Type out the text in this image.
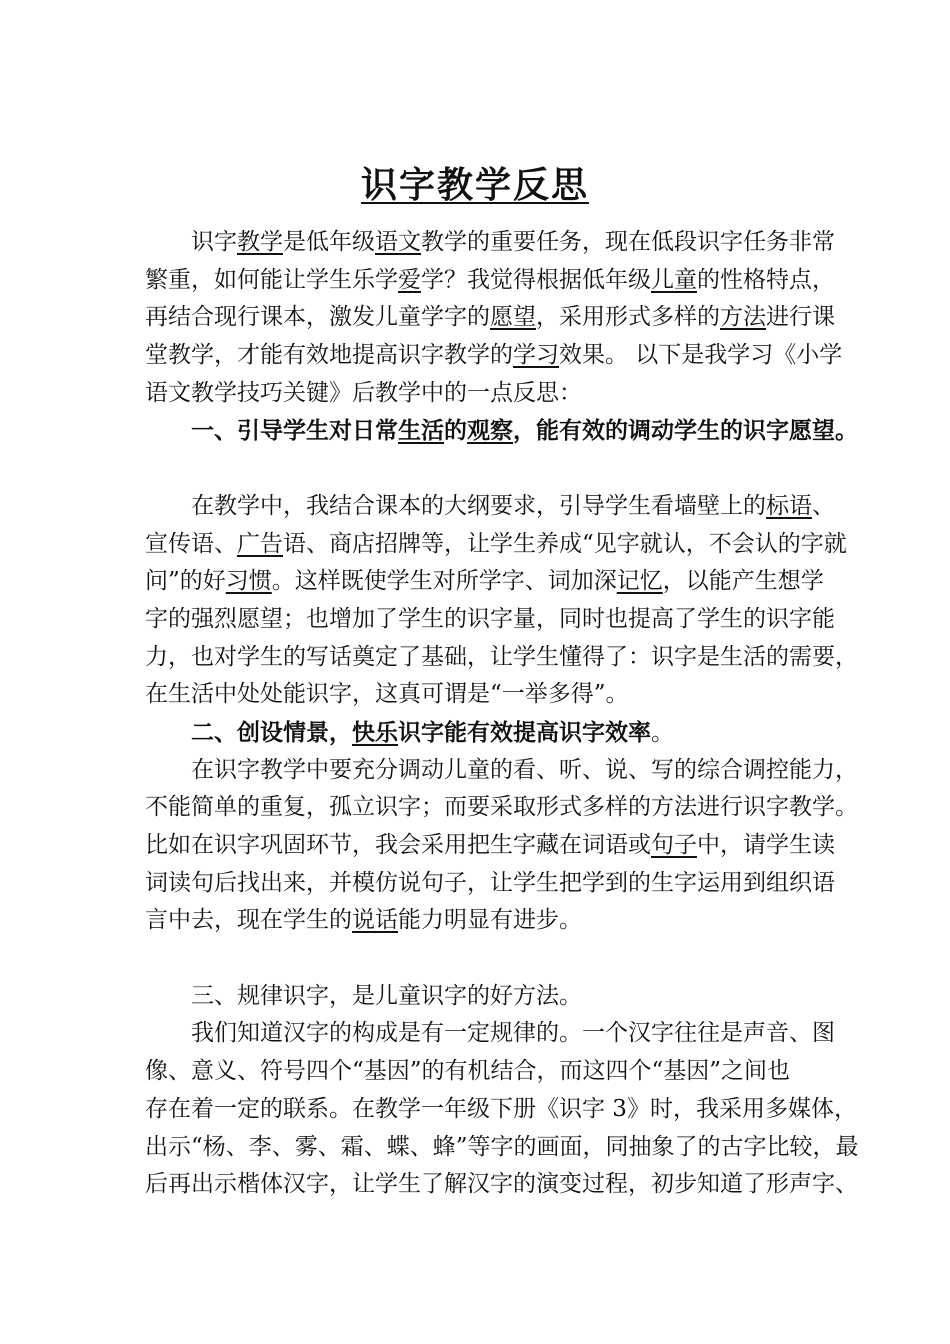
识字教学反思
识字教学是低年级语文教学的重要任务，现在低段识字任务非常
繁重，如何能让学生乐学爱学？我觉得根据低年级儿童的性格特点，
再结合现行课本，激发儿童学字的愿望，采用形式多样的方法进行课
堂教学，才能有效地提高识字教学的学习效果。 以下是我学习《小学
语文教学技巧关键》后教学中的一点反思：
一、引导学生对日常生活的观察，能有效的调动学生的识字愿望。
在教学中，我结合课本的大纲要求，引导学生看墙壁上的标语、
宣传语、广告语、商店招牌等，让学生养成“见字就认，不会认的字就
问”的好习惯。这样既使学生对所学字、词加深记忆，以能产生想学
字的强烈愿望；也增加了学生的识字量，同时也提高了学生的识字能
力，也对学生的写话奠定了基础，让学生懂得了：识字是生活的需要，
在生活中处处能识字，这真可谓是“一举多得”。
二、创设情景，快乐识字能有效提高识字效率。
在识字教学中要充分调动儿童的看、听、说、写的综合调控能力，
不能简单的重复，孤立识字；而要采取形式多样的方法进行识字教学。
比如在识字巩固环节，我会采用把生字藏在词语或句子中，请学生读
词读句后找出来，并模仿说句子，让学生把学到的生字运用到组织语
言中去，现在学生的说话能力明显有进步。
三、规律识字，是儿童识字的好方法。
我们知道汉字的构成是有一定规律的。一个汉字往往是声音、图
像、意义、符号四个“基因”的有机结合，而这四个“基因”之间也
存在着一定的联系。在教学一年级下册《识字 3》时，我采用多媒体，
出示“杨、李、雾、霜、蝶、蜂”等字的画面，同抽象了的古字比较，最
后再出示楷体汉字，让学生了解汉字的演变过程，初步知道了形声字、
